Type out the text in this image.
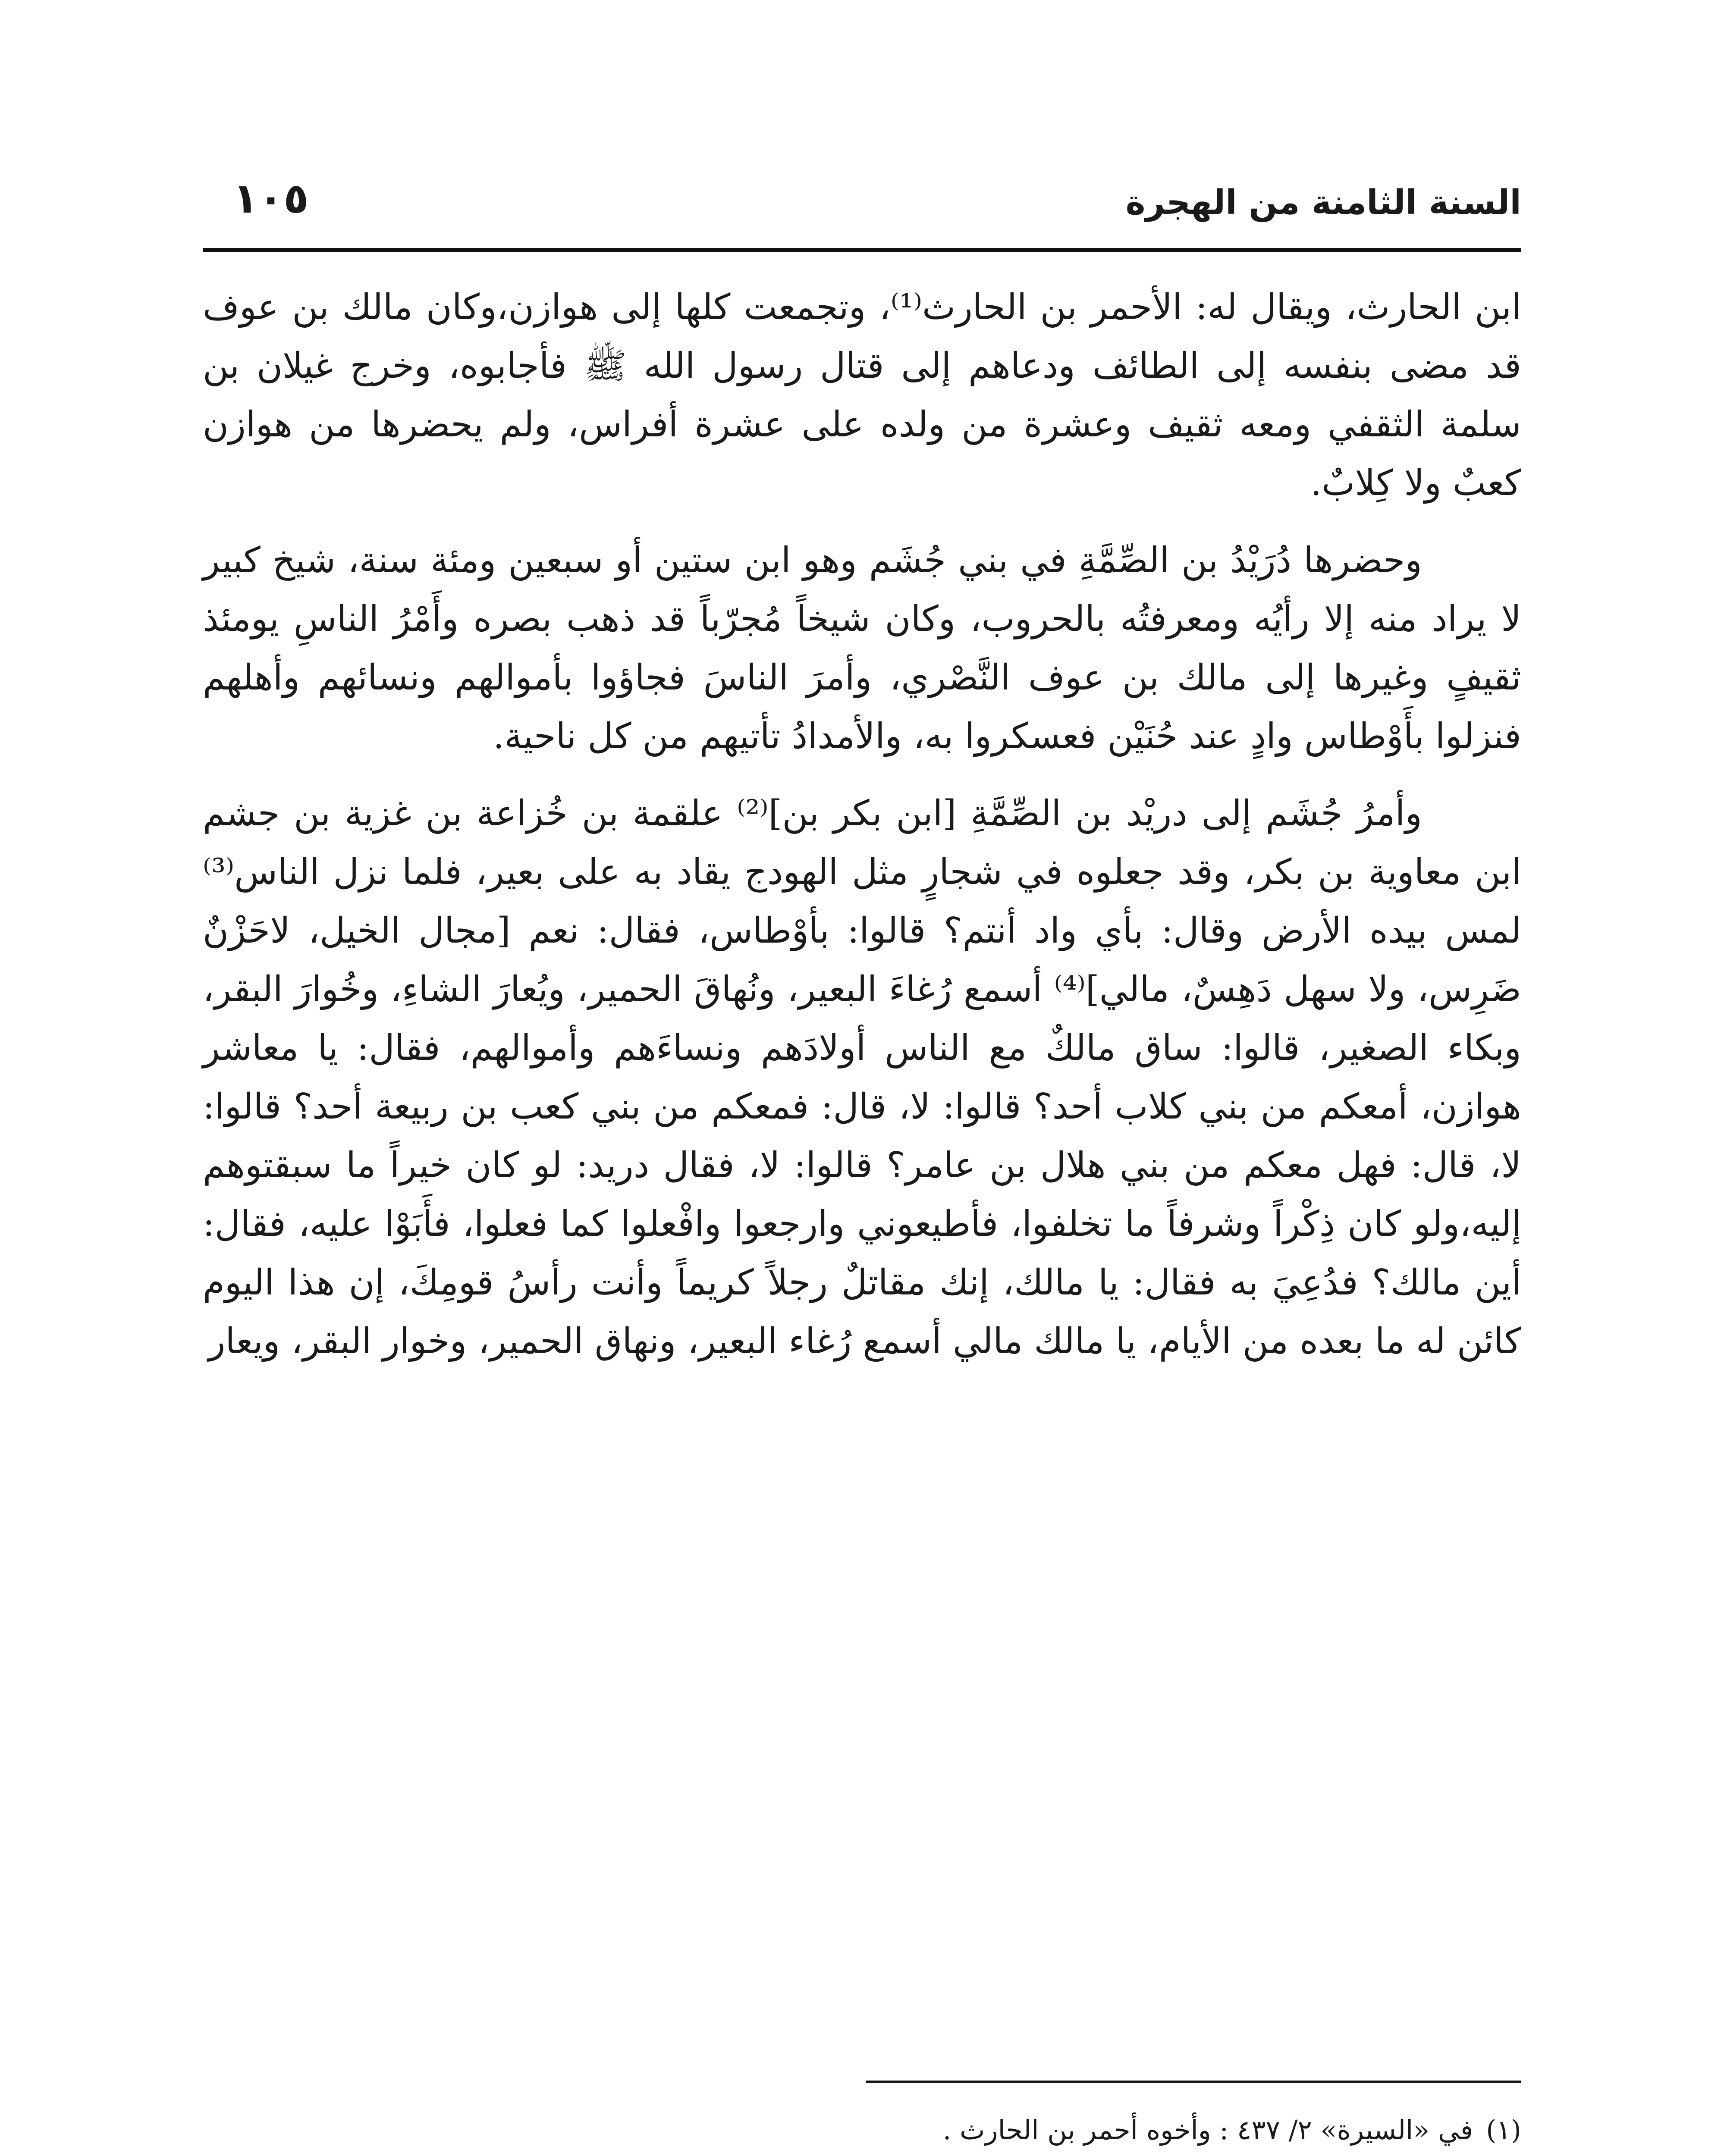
السنة الثامنة من الهجرة
١٠٥

ابن الحارث، ويقال له: الأحمر بن الحارث⁽¹⁾، وتجمعت كلها إلى هوازن،وكان مالك بن عوف قد مضى بنفسه إلى الطائف ودعاهم إلى قتال رسول الله ﷺ فأجابوه، وخرج غيلان بن سلمة الثقفي ومعه ثقيف وعشرة من ولده على عشرة أفراس، ولم يحضرها من هوازن كعبٌ ولا كِلابٌ.

وحضرها دُرَيْدُ بن الصِّمَّةِ في بني جُشَم وهو ابن ستين أو سبعين ومئة سنة، شيخ كبير لا يراد منه إلا رأيُه ومعرفتُه بالحروب، وكان شيخاً مُجرّباً قد ذهب بصره وأَمْرُ الناسِ يومئذ ثقيفٍ وغيرها إلى مالك بن عوف النَّصْري، وأمرَ الناسَ فجاؤوا بأموالهم ونسائهم وأهلهم فنزلوا بأَوْطاس وادٍ عند حُنَيْن فعسكروا به، والأمدادُ تأتيهم من كل ناحية.

وأمرُ جُشَم إلى دريْد بن الصِّمَّةِ [ابن بكر بن]⁽²⁾ علقمة بن خُزاعة بن غزية بن جشم ابن معاوية بن بكر، وقد جعلوه في شجارٍ مثل الهودج يقاد به على بعير، فلما نزل الناس⁽³⁾ لمس بيده الأرض وقال: بأي واد أنتم؟ قالوا: بأوْطاس، فقال: نعم [مجال الخيل، لاحَزْنٌ ضَرِس، ولا سهل دَهِسٌ، مالي]⁽⁴⁾ أسمع رُغاءَ البعير، ونُهاقَ الحمير، ويُعارَ الشاءِ، وخُوارَ البقر، وبكاء الصغير، قالوا: ساق مالكٌ مع الناس أولادَهم ونساءَهم وأموالهم، فقال: يا معاشر هوازن، أمعكم من بني كلاب أحد؟ قالوا: لا، قال: فمعكم من بني كعب بن ربيعة أحد؟ قالوا: لا، قال: فهل معكم من بني هلال بن عامر؟ قالوا: لا، فقال دريد: لو كان خيراً ما سبقتوهم إليه،ولو كان ذِكْراً وشرفاً ما تخلفوا، فأطيعوني وارجعوا وافْعلوا كما فعلوا، فأَبَوْا عليه، فقال: أين مالك؟ فدُعِيَ به فقال: يا مالك، إنك مقاتلٌ رجلاً كريماً وأنت رأسُ قومِكَ، إن هذا اليوم كائن له ما بعده من الأيام، يا مالك مالي أسمع رُغاء البعير، ونهاق الحمير، وخوار البقر، ويعار

(١)في «السيرة» ٢/ ٤٣٧ : وأخوه أحمر بن الحارث .
